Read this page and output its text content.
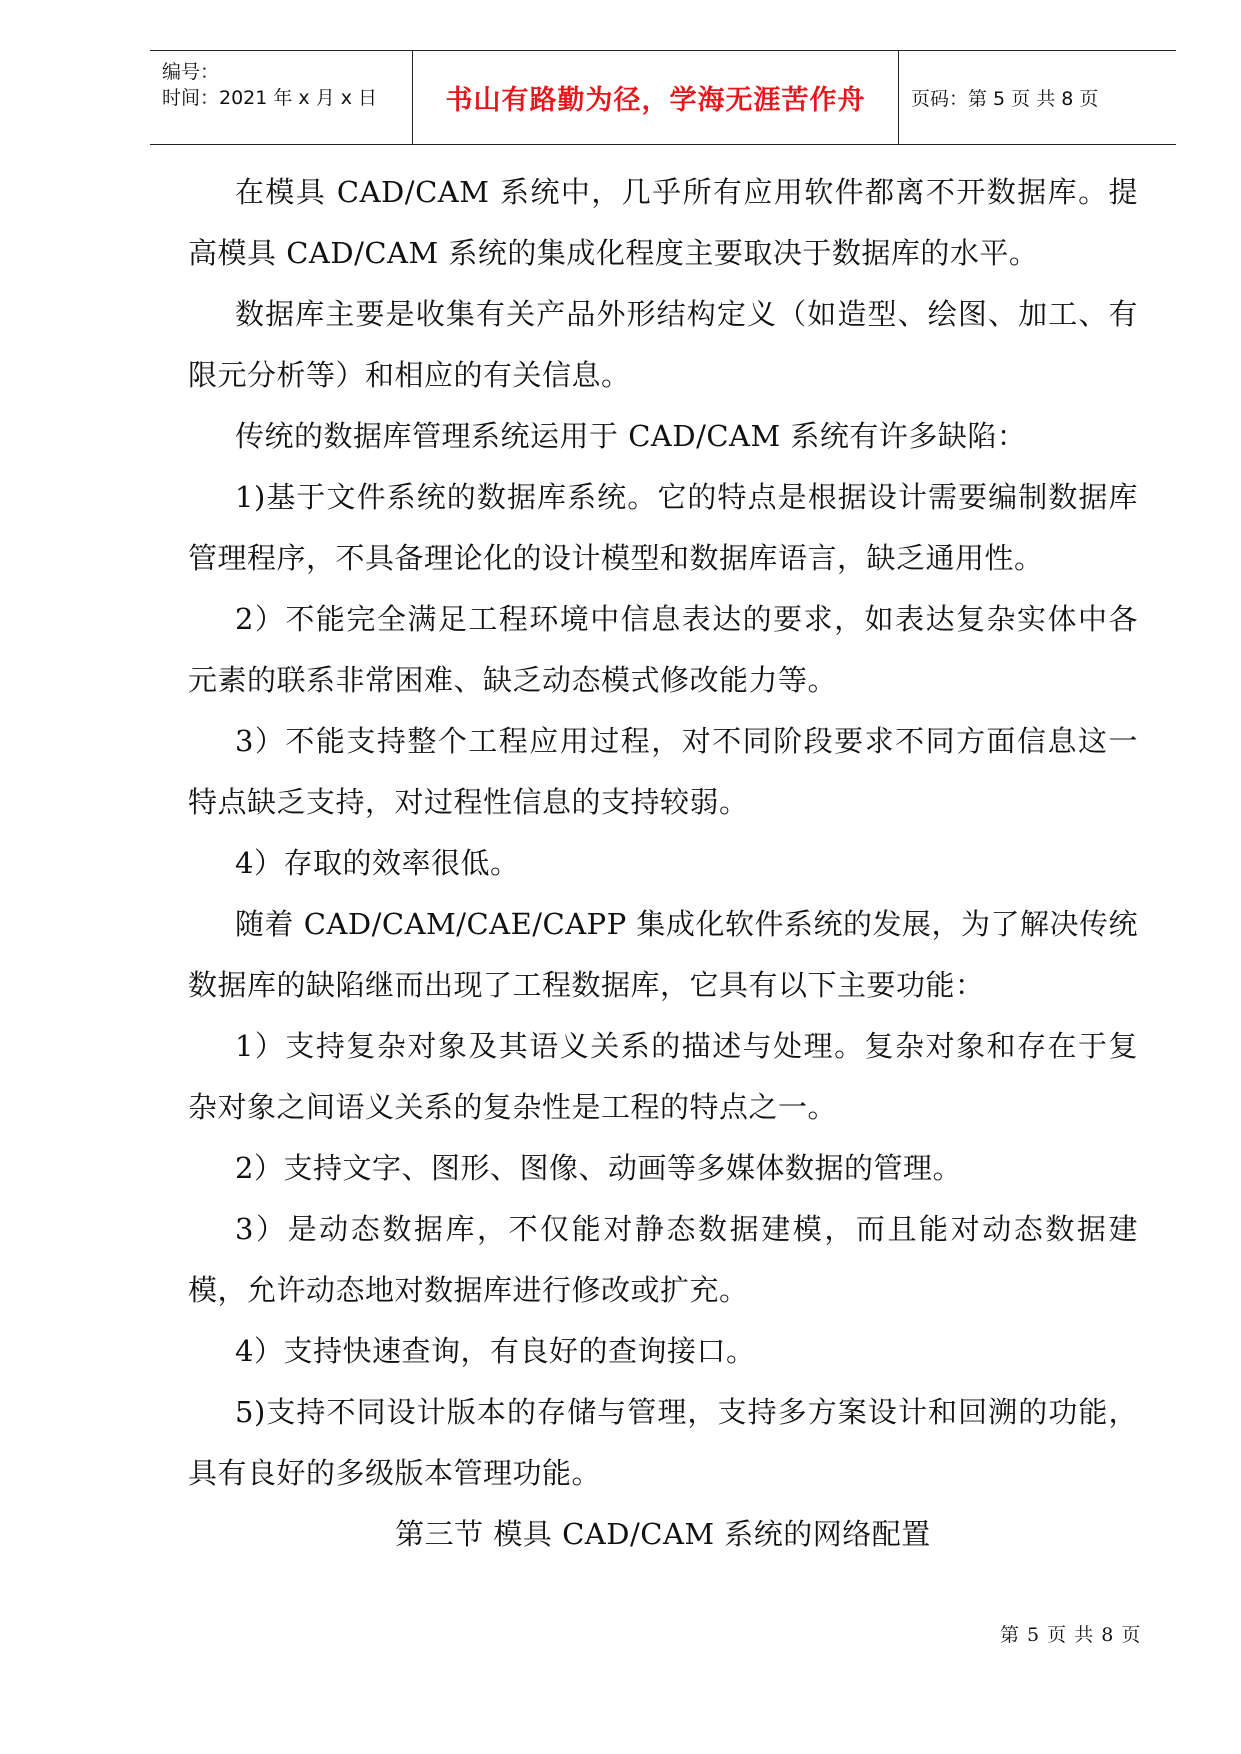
编号：
时间：2021 年 x 月 x 日	书山有路勤为径，学海无涯苦作舟 页码：第 5 页 共 8 页

在模具 CAD/CAM 系统中，几乎所有应用软件都离不开数据库。提高模具 CAD/CAM 系统的集成化程度主要取决于数据库的水平。

数据库主要是收集有关产品外形结构定义（如造型、绘图、加工、有限元分析等）和相应的有关信息。

传统的数据库管理系统运用于 CAD/CAM 系统有许多缺陷：

1)基于文件系统的数据库系统。它的特点是根据设计需要编制数据库管理程序，不具备理论化的设计模型和数据库语言，缺乏通用性。

2）不能完全满足工程环境中信息表达的要求，如表达复杂实体中各元素的联系非常困难、缺乏动态模式修改能力等。

3）不能支持整个工程应用过程，对不同阶段要求不同方面信息这一特点缺乏支持，对过程性信息的支持较弱。

4）存取的效率很低。

随着 CAD/CAM/CAE/CAPP 集成化软件系统的发展，为了解决传统数据库的缺陷继而出现了工程数据库，它具有以下主要功能：

1）支持复杂对象及其语义关系的描述与处理。复杂对象和存在于复杂对象之间语义关系的复杂性是工程的特点之一。

2）支持文字、图形、图像、动画等多媒体数据的管理。

3）是动态数据库，不仅能对静态数据建模，而且能对动态数据建模，允许动态地对数据库进行修改或扩充。

4）支持快速查询，有良好的查询接口。

5)支持不同设计版本的存储与管理，支持多方案设计和回溯的功能，具有良好的多级版本管理功能。

第三节 模具 CAD/CAM 系统的网络配置

第 5 页 共 8 页
